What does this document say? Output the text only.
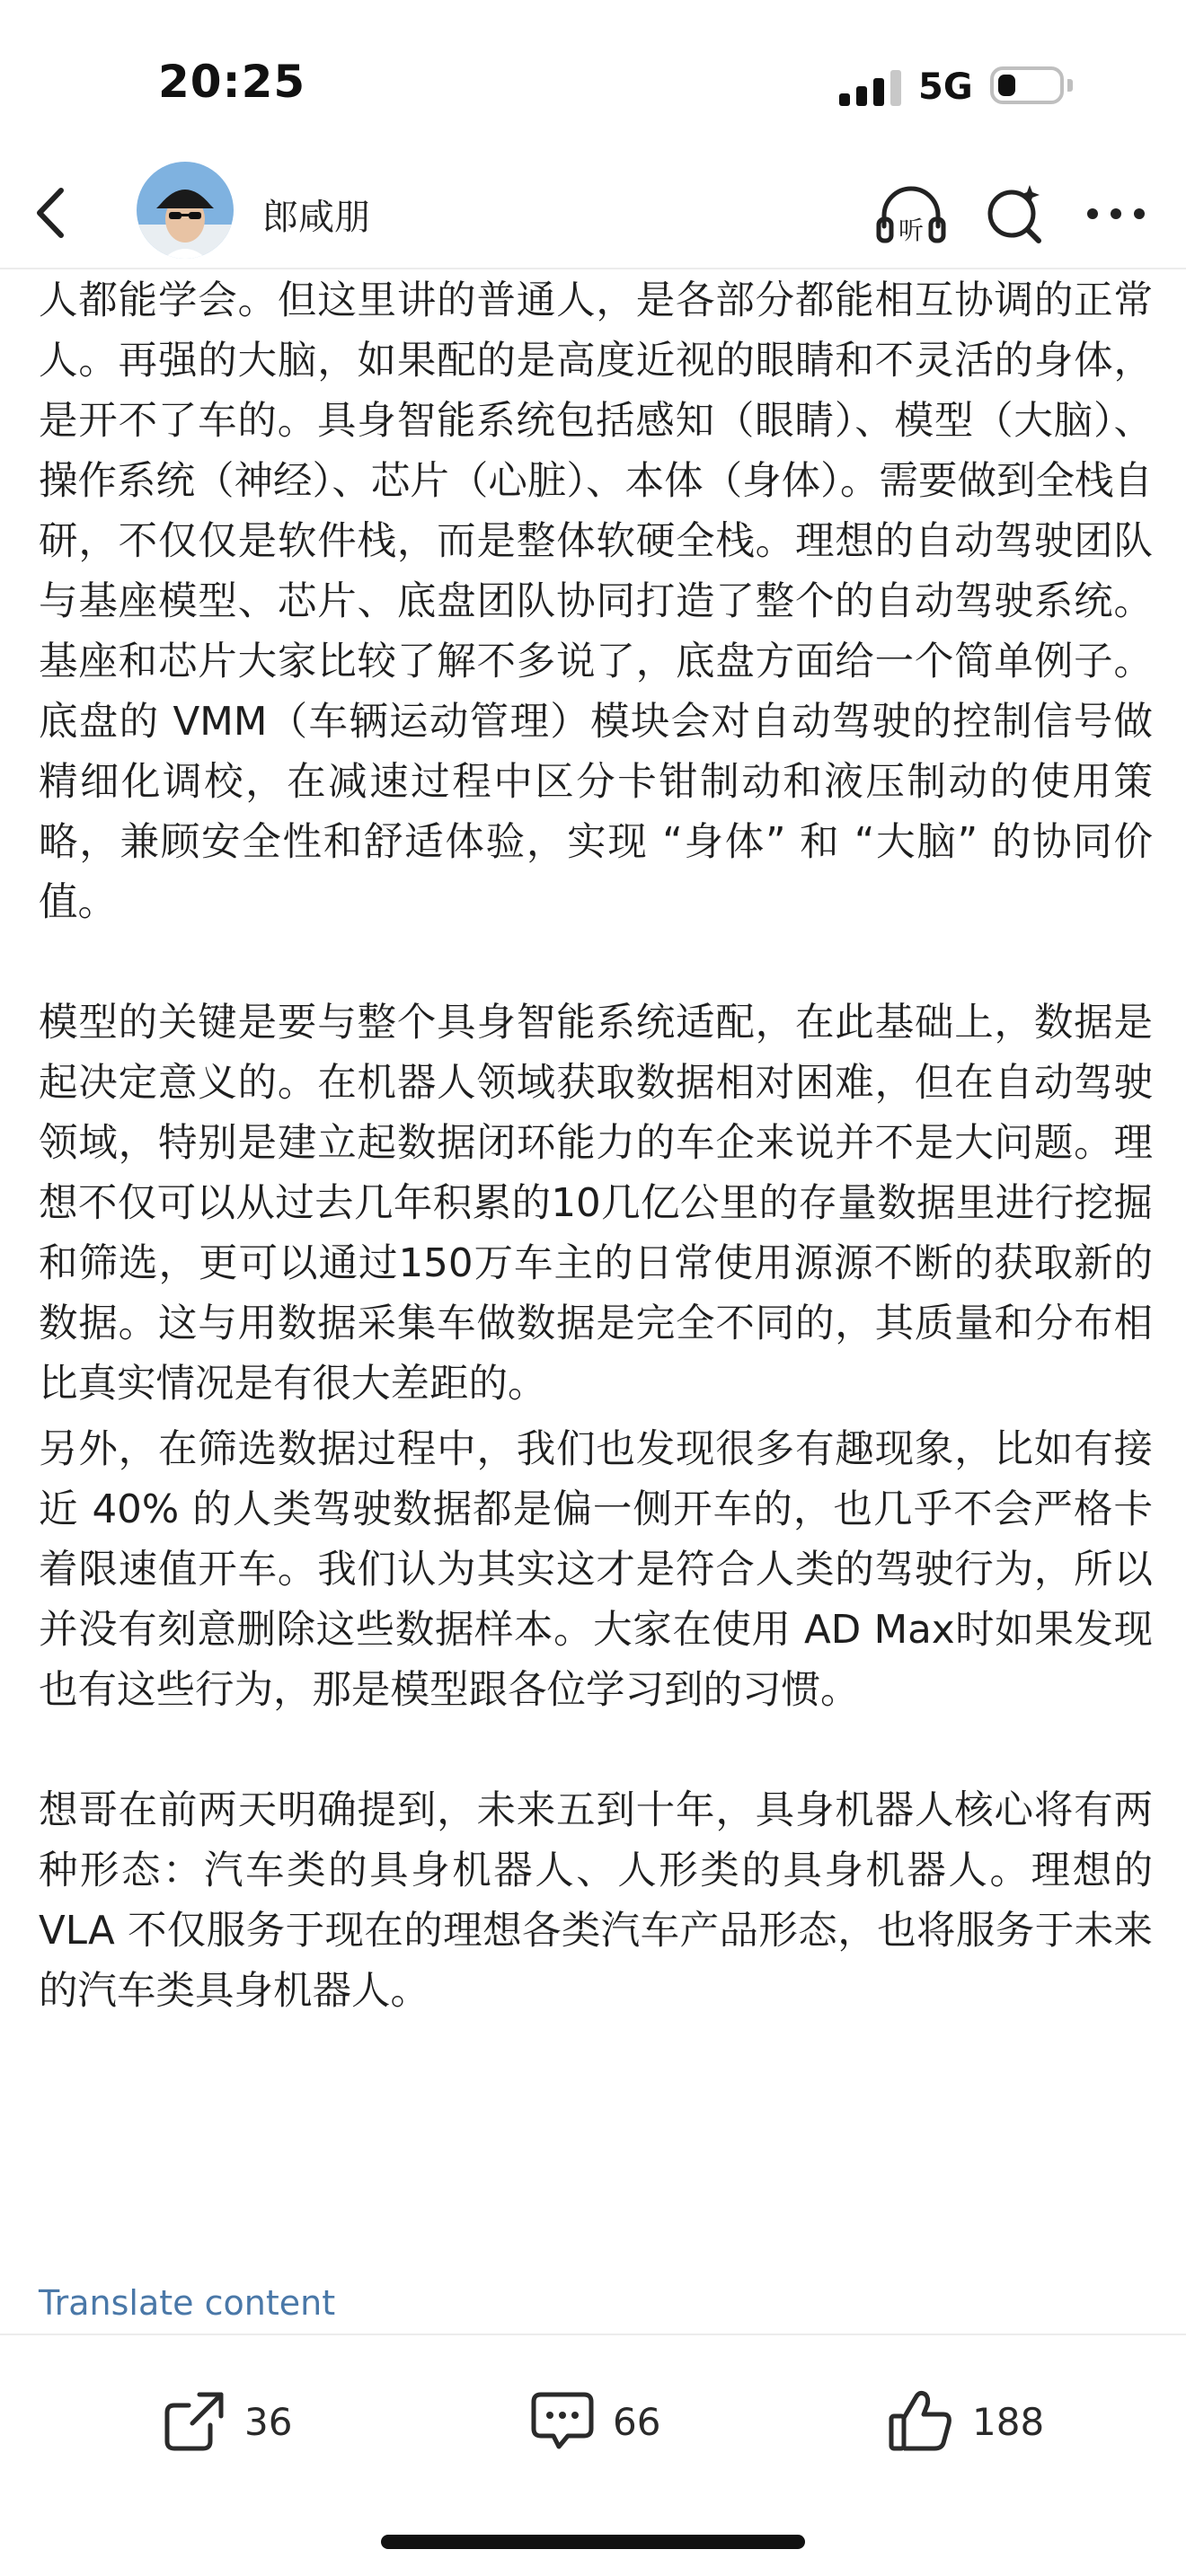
20:25	5G
郎咸朋	听

人都能学会。但这里讲的普通人，是各部分都能相互协调的正常人。再强的大脑，如果配的是高度近视的眼睛和不灵活的身体，是开不了车的。具身智能系统包括感知（眼睛）、模型（大脑）、操作系统（神经）、芯片（心脏）、本体（身体）。需要做到全栈自研，不仅仅是软件栈，而是整体软硬全栈。理想的自动驾驶团队与基座模型、芯片、底盘团队协同打造了整个的自动驾驶系统。基座和芯片大家比较了解不多说了，底盘方面给一个简单例子。底盘的 VMM（车辆运动管理）模块会对自动驾驶的控制信号做精细化调校，在减速过程中区分卡钳制动和液压制动的使用策略，兼顾安全性和舒适体验，实现 “身体” 和 “大脑” 的协同价值。

模型的关键是要与整个具身智能系统适配，在此基础上，数据是起决定意义的。在机器人领域获取数据相对困难，但在自动驾驶领域，特别是建立起数据闭环能力的车企来说并不是大问题。理想不仅可以从过去几年积累的10几亿公里的存量数据里进行挖掘和筛选，更可以通过150万车主的日常使用源源不断的获取新的数据。这与用数据采集车做数据是完全不同的，其质量和分布相比真实情况是有很大差距的。

另外，在筛选数据过程中，我们也发现很多有趣现象，比如有接近 40% 的人类驾驶数据都是偏一侧开车的，也几乎不会严格卡着限速值开车。我们认为其实这才是符合人类的驾驶行为，所以并没有刻意删除这些数据样本。大家在使用 AD Max时如果发现也有这些行为，那是模型跟各位学习到的习惯。

想哥在前两天明确提到，未来五到十年，具身机器人核心将有两种形态：汽车类的具身机器人、人形类的具身机器人。理想的VLA 不仅服务于现在的理想各类汽车产品形态，也将服务于未来的汽车类具身机器人。

Translate content
36	66	188
